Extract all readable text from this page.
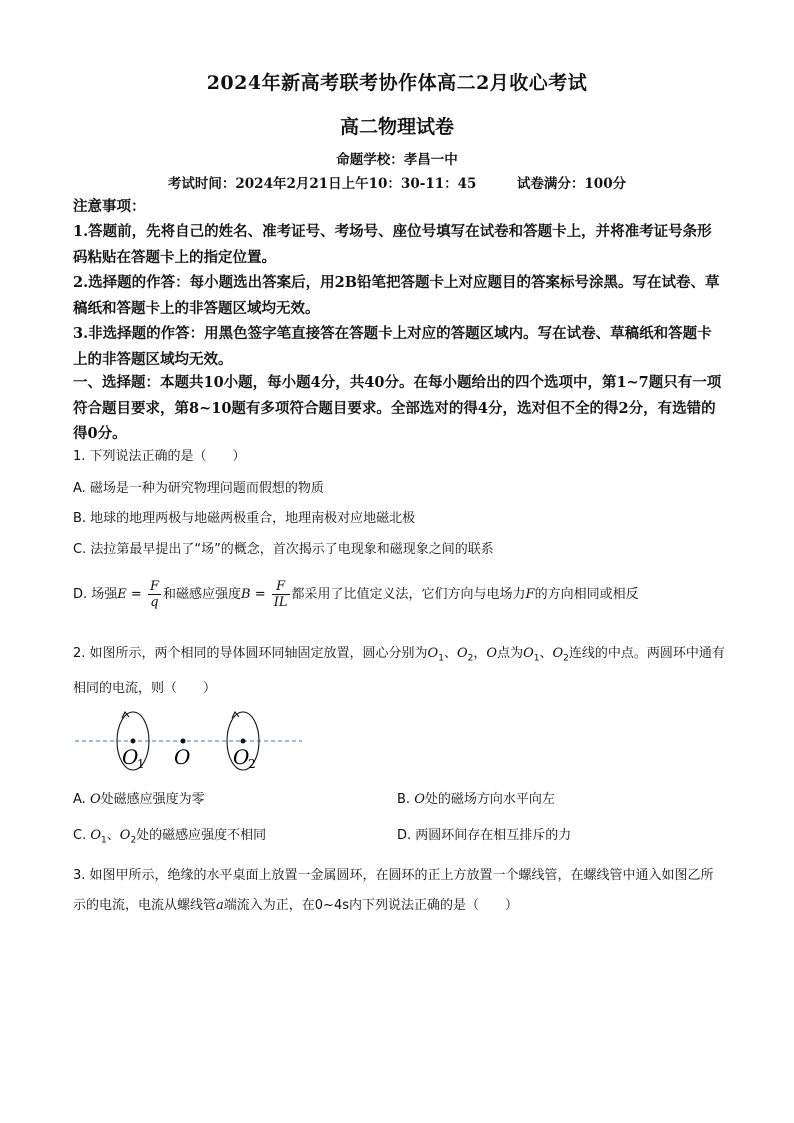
2024年新高考联考协作体高二2月收心考试
高二物理试卷
命题学校：孝昌一中
考试时间：2024年2月21日上午10：30-11：45　　　	试卷满分：100分
注意事项：
1.答题前，先将自己的姓名、准考证号、考场号、座位号填写在试卷和答题卡上，并将准考证号条形码粘贴在答题卡上的指定位置。
2.选择题的作答：每小题选出答案后，用2B铅笔把答题卡上对应题目的答案标号涂黑。写在试卷、草稿纸和答题卡上的非答题区域均无效。
3.非选择题的作答：用黑色签字笔直接答在答题卡上对应的答题区域内。写在试卷、草稿纸和答题卡上的非答题区域均无效。
一、选择题：本题共10小题，每小题4分，共40分。在每小题给出的四个选项中，第1~7题只有一项符合题目要求，第8~10题有多项符合题目要求。全部选对的得4分，选对但不全的得2分，有选错的得0分。
1. 下列说法正确的是（　　）
A. 磁场是一种为研究物理问题而假想的物质
B. 地球的地理两极与地磁两极重合，地理南极对应地磁北极
C. 法拉第最早提出了“场”的概念，首次揭示了电现象和磁现象之间的联系
D. 场强$E = \frac{F}{q}$ 和磁感应强度$B = \frac{F}{IL}$ 都采用了比值定义法，它们方向与电场力F的方向相同或相反
2. 如图所示，两个相同的导体圆环同轴固定放置，圆心分别为$O_1$、$O_2$，O点为$O_1$、$O_2$连线的中点。两圆环中通有相同的电流，则（　　）
O
1 O O
2
A. O处磁感应强度为零	B. O处的磁场方向水平向左
C. $O_1$、$O_2$处的磁感应强度不相同	D. 两圆环间存在相互排斥的力
3. 如图甲所示，绝缘的水平桌面上放置一金属圆环，在圆环的正上方放置一个螺线管，在螺线管中通入如图乙所示的电流，电流从螺线管a端流入为正，在0~4s内下列说法正确的是（　　）
